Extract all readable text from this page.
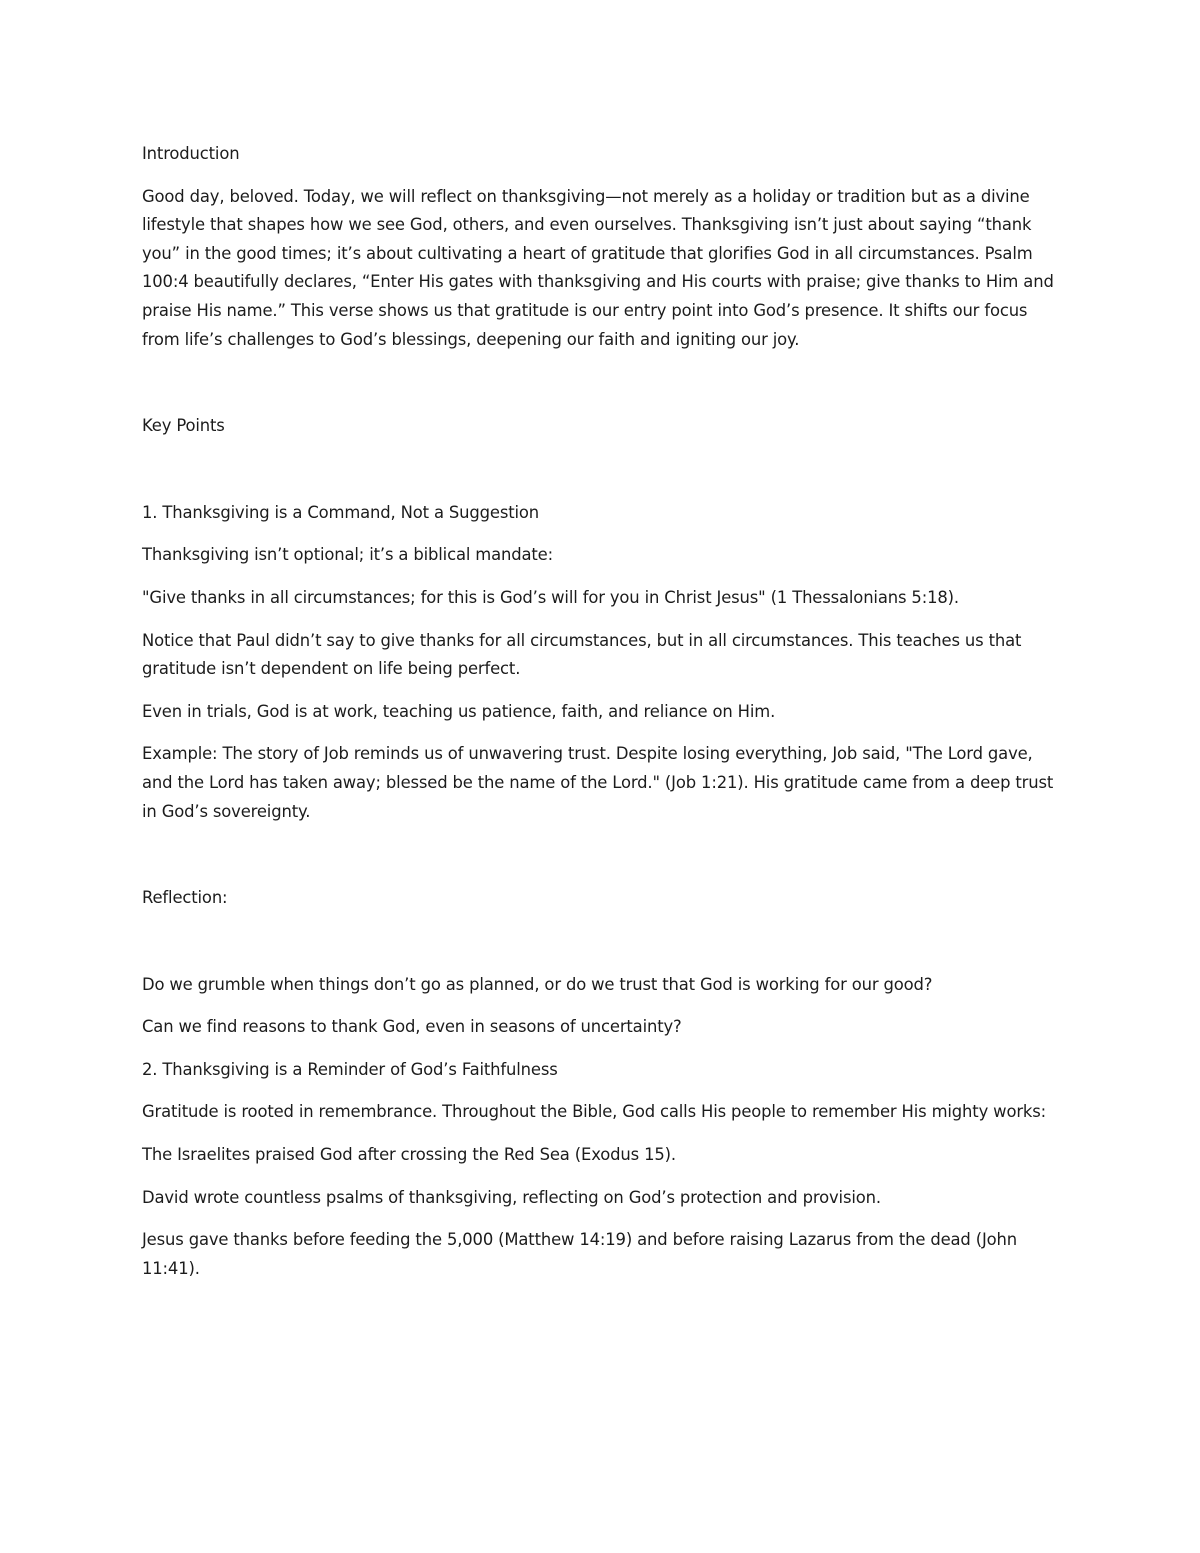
Introduction

Good day, beloved. Today, we will reflect on thanksgiving—not merely as a holiday or tradition but as a divine lifestyle that shapes how we see God, others, and even ourselves. Thanksgiving isn’t just about saying “thank you” in the good times; it’s about cultivating a heart of gratitude that glorifies God in all circumstances. Psalm 100:4 beautifully declares, “Enter His gates with thanksgiving and His courts with praise; give thanks to Him and praise His name.” This verse shows us that gratitude is our entry point into God’s presence. It shifts our focus from life’s challenges to God’s blessings, deepening our faith and igniting our joy.

Key Points

1. Thanksgiving is a Command, Not a Suggestion

Thanksgiving isn’t optional; it’s a biblical mandate:

"Give thanks in all circumstances; for this is God’s will for you in Christ Jesus" (1 Thessalonians 5:18).

Notice that Paul didn’t say to give thanks for all circumstances, but in all circumstances. This teaches us that gratitude isn’t dependent on life being perfect.

Even in trials, God is at work, teaching us patience, faith, and reliance on Him.

Example: The story of Job reminds us of unwavering trust. Despite losing everything, Job said, "The Lord gave, and the Lord has taken away; blessed be the name of the Lord." (Job 1:21). His gratitude came from a deep trust in God’s sovereignty.

Reflection:

Do we grumble when things don’t go as planned, or do we trust that God is working for our good?

Can we find reasons to thank God, even in seasons of uncertainty?

2. Thanksgiving is a Reminder of God’s Faithfulness

Gratitude is rooted in remembrance. Throughout the Bible, God calls His people to remember His mighty works:

The Israelites praised God after crossing the Red Sea (Exodus 15).

David wrote countless psalms of thanksgiving, reflecting on God’s protection and provision.

Jesus gave thanks before feeding the 5,000 (Matthew 14:19) and before raising Lazarus from the dead (John 11:41).
